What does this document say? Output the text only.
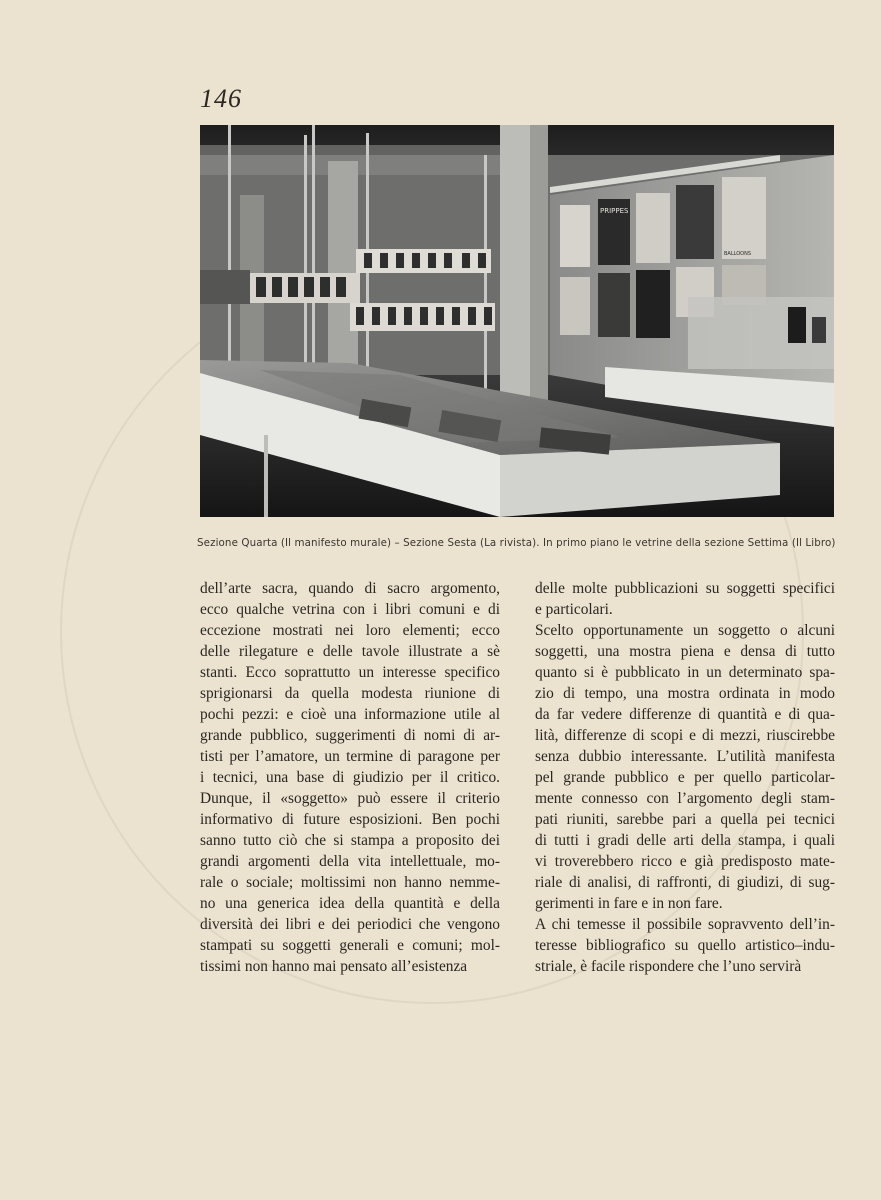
146
PRIPPES
BALLOONS
Sezione Quarta (Il manifesto murale) – Sezione Sesta (La rivista). In primo piano le vetrine della sezione Settima (Il Libro)
dell’arte sacra, quando di sacro argomento,
ecco qualche vetrina con i libri comuni e di
eccezione mostrati nei loro elementi; ecco
delle rilegature e delle tavole illustrate a sè
stanti. Ecco soprattutto un interesse specifico
sprigionarsi da quella modesta riunione di
pochi pezzi: e cioè una informazione utile al
grande pubblico, suggerimenti di nomi di ar-
tisti per l’amatore, un termine di paragone per
i tecnici, una base di giudizio per il critico.
Dunque, il «soggetto» può essere il criterio
informativo di future esposizioni. Ben pochi
sanno tutto ciò che si stampa a proposito dei
grandi argomenti della vita intellettuale, mo-
rale o sociale; moltissimi non hanno nemme-
no una generica idea della quantità e della
diversità dei libri e dei periodici che vengono
stampati su soggetti generali e comuni; mol-
tissimi non hanno mai pensato all’esistenza
delle molte pubblicazioni su soggetti specifici
e particolari.
Scelto opportunamente un soggetto o alcuni
soggetti, una mostra piena e densa di tutto
quanto si è pubblicato in un determinato spa-
zio di tempo, una mostra ordinata in modo
da far vedere differenze di quantità e di qua-
lità, differenze di scopi e di mezzi, riuscirebbe
senza dubbio interessante. L’utilità manifesta
pel grande pubblico e per quello particolar-
mente connesso con l’argomento degli stam-
pati riuniti, sarebbe pari a quella pei tecnici
di tutti i gradi delle arti della stampa, i quali
vi troverebbero ricco e già predisposto mate-
riale di analisi, di raffronti, di giudizi, di sug-
gerimenti in fare e in non fare.
A chi temesse il possibile sopravvento dell’in-
teresse bibliografico su quello artistico–indu-
striale, è facile rispondere che l’uno servirà
